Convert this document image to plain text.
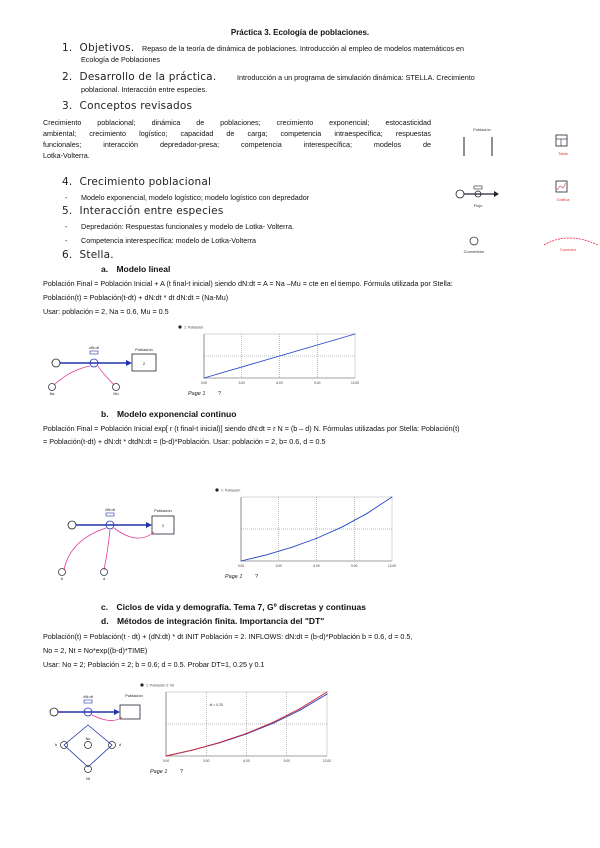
Práctica 3. Ecología de poblaciones.
1. Objetivos. Repaso de la teoría de dinámica de poblaciones. Introducción al empleo de modelos matemáticos en
Ecología de Poblaciones
2. Desarrollo de la práctica.	Introducción a un programa de simulación dinámica: STELLA. Crecimiento
poblacional. Interacción entre especies.
3. Conceptos revisados
Crecimiento poblacional; dinámica de poblaciones; crecimiento exponencial; estocasticidad
ambiental; crecimiento logístico; capacidad de carga; competencia intraespecífica; respuestas
funcionales; interacción depredador-presa; competencia interespecífica; modelos de
Lotka-Volterra.
4. Crecimiento poblacional
- Modelo exponencial, modelo logístico; modelo logístico con depredador
5. Interacción entre especies
- Depredación: Respuestas funcionales y modelo de Lotka- Volterra.
- Competencia interespecífica: modelo de Lotka-Volterra
6. Stella.
Población
Tabla
Flujo
Gráfica
Convertidor	Conector
a. Modelo lineal
Población Final = Población Inicial + A (t final-t inicial) siendo dN:dt = A = Na –Mu = cte en el tiempo. Fórmula utilizada por Stella:
Población(t) = Población(t-dt) + dN:dt * dt dN:dt = (Na-Mu)
Usar: población = 2, Na = 0.6, Mu = 0.5
dN:dt	Población
2
Na	Mu
1: Población
0.00	3.00	6.00	9.00	12.00
Page 1 ?
b. Modelo exponencial continuo
Población Final = Población Inicial exp[ r (t final-t inicial)] siendo dN:dt = r N = (b – d) N. Fórmulas utilizadas por Stella: Población(t)
= Población(t-dt) + dN:dt * dtdN:dt = (b-d)*Población. Usar: población = 2, b= 0.6, d = 0.5
dN:dt	Población
2
b	d
1: Población
0.00	3.00	6.00	9.00	12.00
Page 1 ?
c. Ciclos de vida y demografía. Tema 7, Gº discretas y continuas
d. Métodos de integración finita. Importancia del "DT"
Población(t) = Población(t - dt) + (dN:dt) * dt INIT Población = 2. INFLOWS: dN:dt = (b-d)*Población b = 0.6, d = 0.5,
No = 2, Nt = No*exp((b-d)*TIME)
Usar: No = 2; Población = 2; b = 0.6; d = 0.5. Probar DT=1, 0.25 y 0.1
dN:dt	Población
b	d
No
Nt
1: Población 2: Nt
0.00	3.00	6.00	9.00	12.00
dt = 0.25
Page 1 ?
